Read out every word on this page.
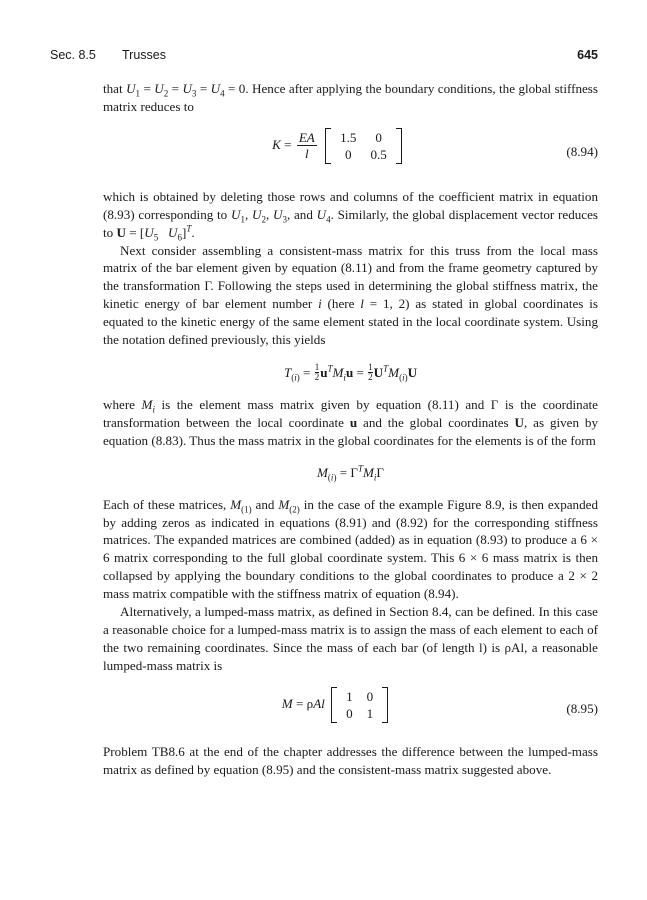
Sec. 8.5 Trusses	645

that $U_1 = U_2 = U_3 = U_4 = 0$. Hence after applying the boundary conditions, the global stiffness matrix reduces to

$K = \frac{EA}{l}$
	1.5	0
0	0.5	(8.94)

which is obtained by deleting those rows and columns of the coefficient matrix in equation (8.93) corresponding to $U_1$, $U_2$, $U_3$, and $U_4$. Similarly, the global displacement vector reduces to $U = [U_5$ $U_6]^T$.

Next consider assembling a consistent-mass matrix for this truss from the local mass matrix of the bar element given by equation (8.11) and from the frame geometry captured by the transformation Γ. Following the steps used in determining the global stiffness matrix, the kinetic energy of bar element number i (here l = 1, 2) as stated in global coordinates is equated to the kinetic energy of the same element stated in the local coordinate system. Using the notation defined previously, this yields

$T_{(i)} = \frac{1}{2} u^TM_iu = \frac{1}{2} U^TM_{(i)}U$

where $M_i$ is the element mass matrix given by equation (8.11) and Γ is the coordinate transformation between the local coordinate u and the global coordinates U, as given by equation (8.83). Thus the mass matrix in the global coordinates for the elements is of the form

$M_{(i)} = \Gamma^TM_i\Gamma$

Each of these matrices, $M_{(1)}$ and $M_{(2)}$ in the case of the example Figure 8.9, is then expanded by adding zeros as indicated in equations (8.91) and (8.92) for the corresponding stiffness matrices. The expanded matrices are combined (added) as in equation (8.93) to produce a 6 × 6 matrix corresponding to the full global coordinate system. This 6 × 6 mass matrix is then collapsed by applying the boundary conditions to the global coordinates to produce a 2 × 2 mass matrix compatible with the stiffness matrix of equation (8.94).

Alternatively, a lumped-mass matrix, as defined in Section 8.4, can be defined. In this case a reasonable choice for a lumped-mass matrix is to assign the mass of each element to each of the two remaining coordinates. Since the mass of each bar (of length l) is ρAl, a reasonable lumped-mass matrix is

M = ρAl	1	0
0	1	(8.95)

Problem TB8.6 at the end of the chapter addresses the difference between the lumped-mass matrix as defined by equation (8.95) and the consistent-mass matrix suggested above.
